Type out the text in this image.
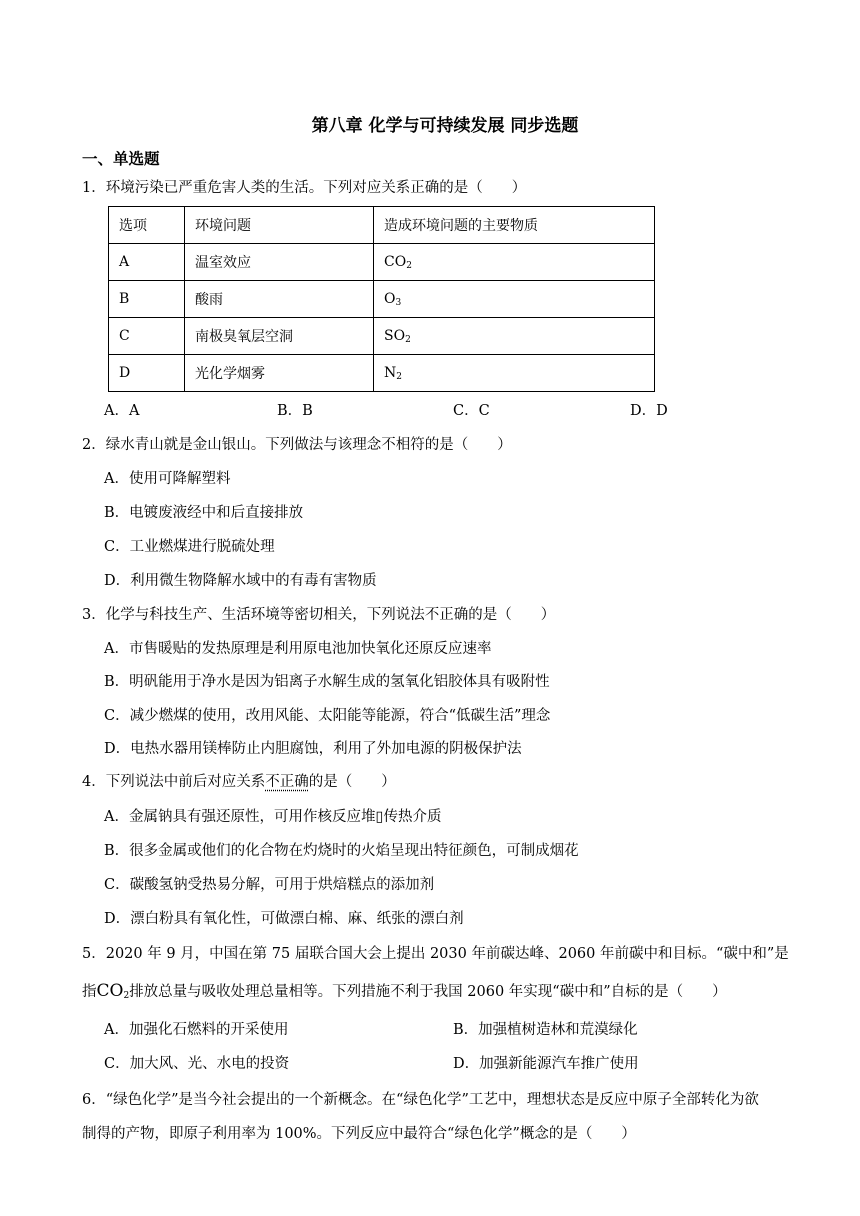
第八章 化学与可持续发展 同步选题
一、单选题
1．环境污染已严重危害人类的生活。下列对应关系正确的是（　　）
选项	环境问题	造成环境问题的主要物质
A	温室效应	$CO_2$
B	酸雨	$O_3$
C	南极臭氧层空洞	$SO_2$
D	光化学烟雾	$N_2$
A．A	B．B	C．C	D．D
2．绿水青山就是金山银山。下列做法与该理念不相符的是（　　）
A．使用可降解塑料
B．电镀废液经中和后直接排放
C．工业燃煤进行脱硫处理
D．利用微生物降解水域中的有毒有害物质
3．化学与科技生产、生活环境等密切相关，下列说法不正确的是（　　）
A．市售暖贴的发热原理是利用原电池加快氧化还原反应速率
B．明矾能用于净水是因为铝离子水解生成的氢氧化铝胶体具有吸附性
C．减少燃煤的使用，改用风能、太阳能等能源，符合“低碳生活”理念
D．电热水器用镁棒防止内胆腐蚀，利用了外加电源的阴极保护法
4．下列说法中前后对应关系不正确的是（　　）
A．金属钠具有强还原性，可用作核反应堆▯传热介质
B．很多金属或他们的化合物在灼烧时的火焰呈现出特征颜色，可制成烟花
C．碳酸氢钠受热易分解，可用于烘焙糕点的添加剂
D．漂白粉具有氧化性，可做漂白棉、麻、纸张的漂白剂
5．2020 年 9 月，中国在第 75 届联合国大会上提出 2030 年前碳达峰、2060 年前碳中和目标。“碳中和”是
指$CO_2$排放总量与吸收处理总量相等。下列措施不利于我国 2060 年实现“碳中和”自标的是（　　）
A．加强化石燃料的开采使用	B．加强植树造林和荒漠绿化
C．加大风、光、水电的投资	D．加强新能源汽车推广使用
6．“绿色化学”是当今社会提出的一个新概念。在“绿色化学”工艺中，理想状态是反应中原子全部转化为欲
制得的产物，即原子利用率为 100%。下列反应中最符合“绿色化学”概念的是（　　）
